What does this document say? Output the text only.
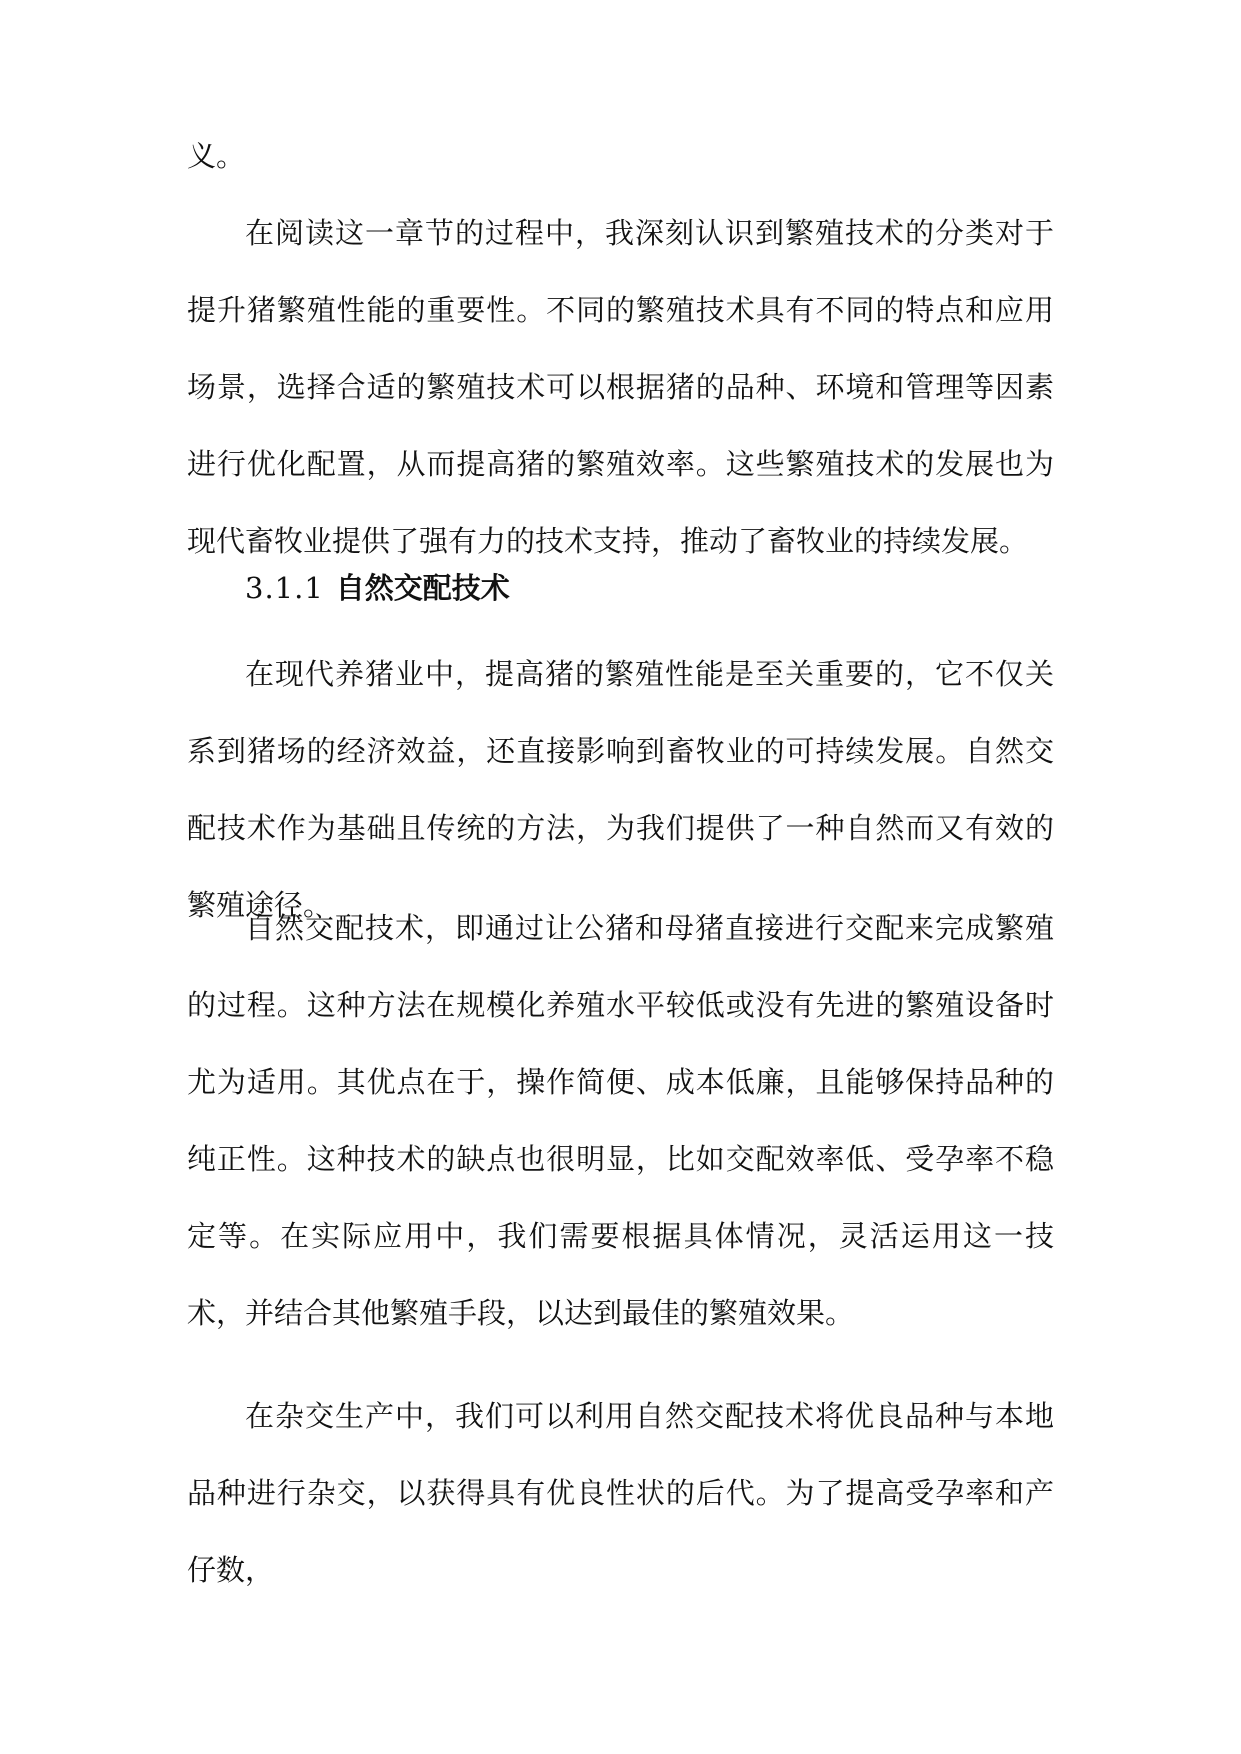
义。

在阅读这一章节的过程中，我深刻认识到繁殖技术的分类对于提升猪繁殖性能的重要性。不同的繁殖技术具有不同的特点和应用场景，选择合适的繁殖技术可以根据猪的品种、环境和管理等因素进行优化配置，从而提高猪的繁殖效率。这些繁殖技术的发展也为现代畜牧业提供了强有力的技术支持，推动了畜牧业的持续发展。

3.1.1 自然交配技术

在现代养猪业中，提高猪的繁殖性能是至关重要的，它不仅关系到猪场的经济效益，还直接影响到畜牧业的可持续发展。自然交配技术作为基础且传统的方法，为我们提供了一种自然而又有效的繁殖途径。

自然交配技术，即通过让公猪和母猪直接进行交配来完成繁殖的过程。这种方法在规模化养殖水平较低或没有先进的繁殖设备时尤为适用。其优点在于，操作简便、成本低廉，且能够保持品种的纯正性。这种技术的缺点也很明显，比如交配效率低、受孕率不稳定等。在实际应用中，我们需要根据具体情况，灵活运用这一技术，并结合其他繁殖手段，以达到最佳的繁殖效果。

在杂交生产中，我们可以利用自然交配技术将优良品种与本地品种进行杂交，以获得具有优良性状的后代。为了提高受孕率和产仔数，
